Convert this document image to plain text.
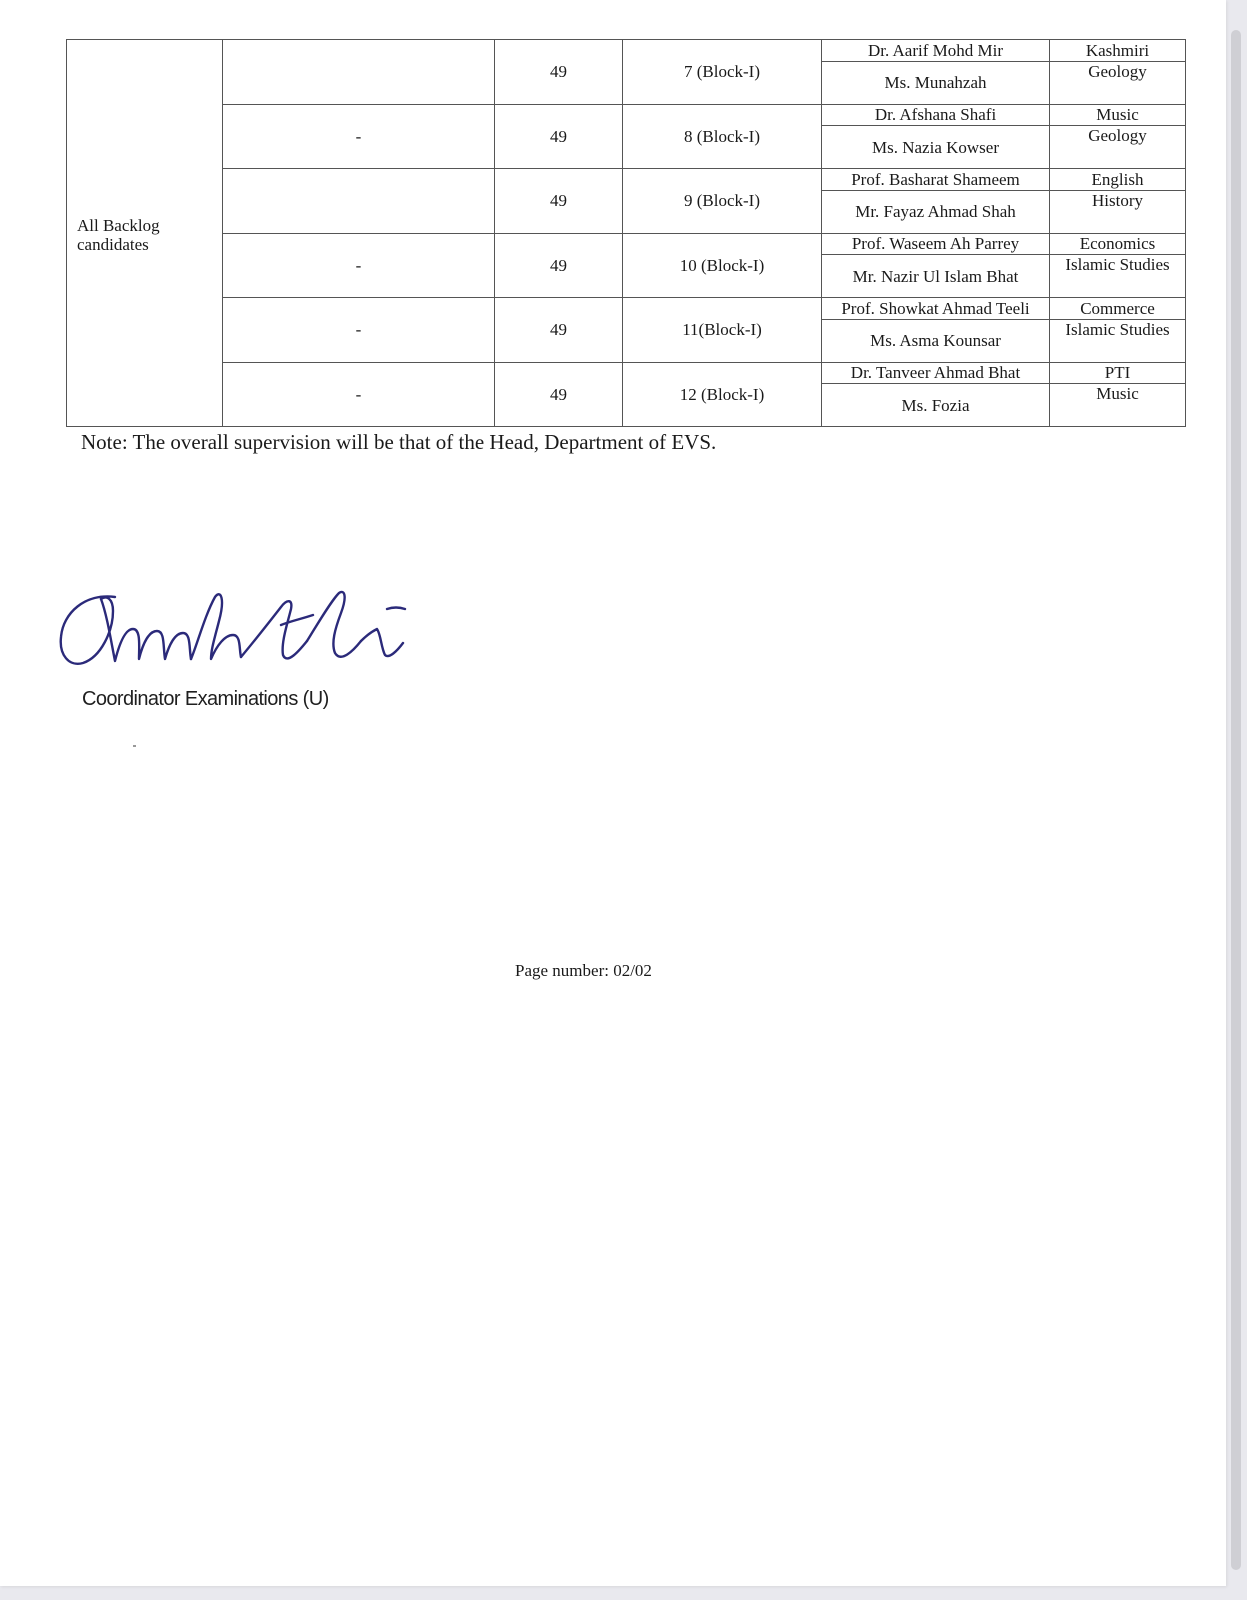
All Backlog candidates		49	7 (Block-I)	Dr. Aarif Mohd Mir	Kashmiri
				Ms. Munahzah	Geology
	-	49	8 (Block-I)	Dr. Afshana Shafi	Music
				Ms. Nazia Kowser	Geology
		49	9 (Block-I)	Prof. Basharat Shameem	English
				Mr. Fayaz Ahmad Shah	History
	-	49	10 (Block-I)	Prof. Waseem Ah Parrey	Economics
				Mr. Nazir Ul Islam Bhat	Islamic Studies
	-	49	11(Block-I)	Prof. Showkat Ahmad Teeli	Commerce
				Ms. Asma Kounsar	Islamic Studies
	-	49	12 (Block-I)	Dr. Tanveer Ahmad Bhat	PTI
				Ms. Fozia	Music
Note: The overall supervision will be that of the Head, Department of EVS.
Coordinator Examinations (U)
Page number: 02/02
